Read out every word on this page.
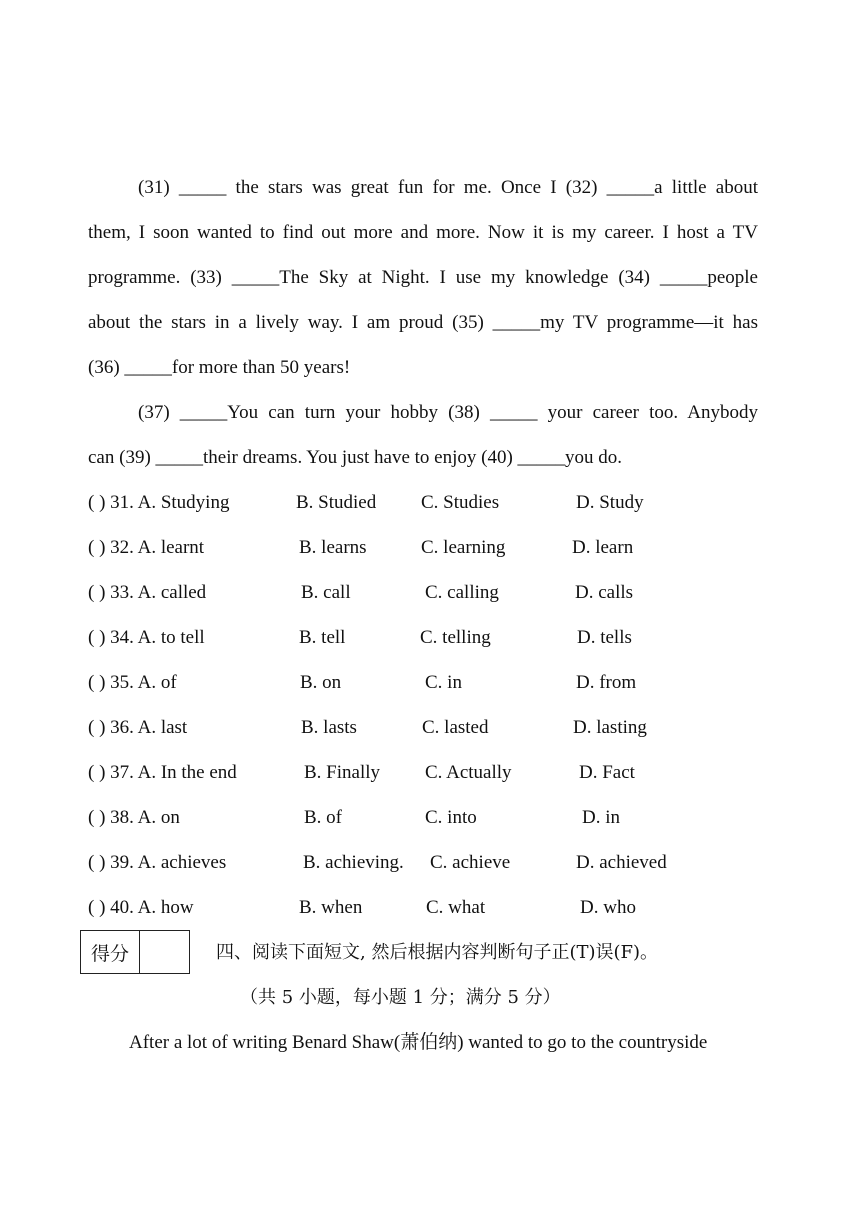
(31) _____ the stars was great fun for me. Once I (32) _____a little about
them, I soon wanted to find out more and more. Now it is my career. I host a TV
programme. (33) _____The Sky at Night. I use my knowledge (34) _____people
about the stars in a lively way. I am proud (35) _____my TV programme—it has
(36) _____for more than 50 years!
(37) _____You can turn your hobby (38) _____ your career too. Anybody
can (39) _____their dreams. You just have to enjoy (40) _____you do.
( ) 31. A. Studying	B. Studied C. Studies	D. Study
( ) 32. A. learnt	B. learns	C. learning	D. learn
( ) 33. A. called	B. call	C. calling	D. calls
( ) 34. A. to tell	B. tell	C. telling	D. tells
( ) 35. A. of	B. on	C. in	D. from
( ) 36. A. last	B. lasts	C. lasted	D. lasting
( ) 37. A. In the end	B. Finally C. Actually	D. Fact
( ) 38. A. on	B. of	C. into	D. in
( ) 39. A. achieves	B. achieving. C. achieve	D. achieved
( ) 40. A. how	B. when	C. what	D. who
得分	四、阅读下面短文, 然后根据内容判断句子正(T)误(F)。
（共 5 小题，每小题 1 分；满分 5 分）
After a lot of writing Benard Shaw(萧伯纳) wanted to go to the countryside
